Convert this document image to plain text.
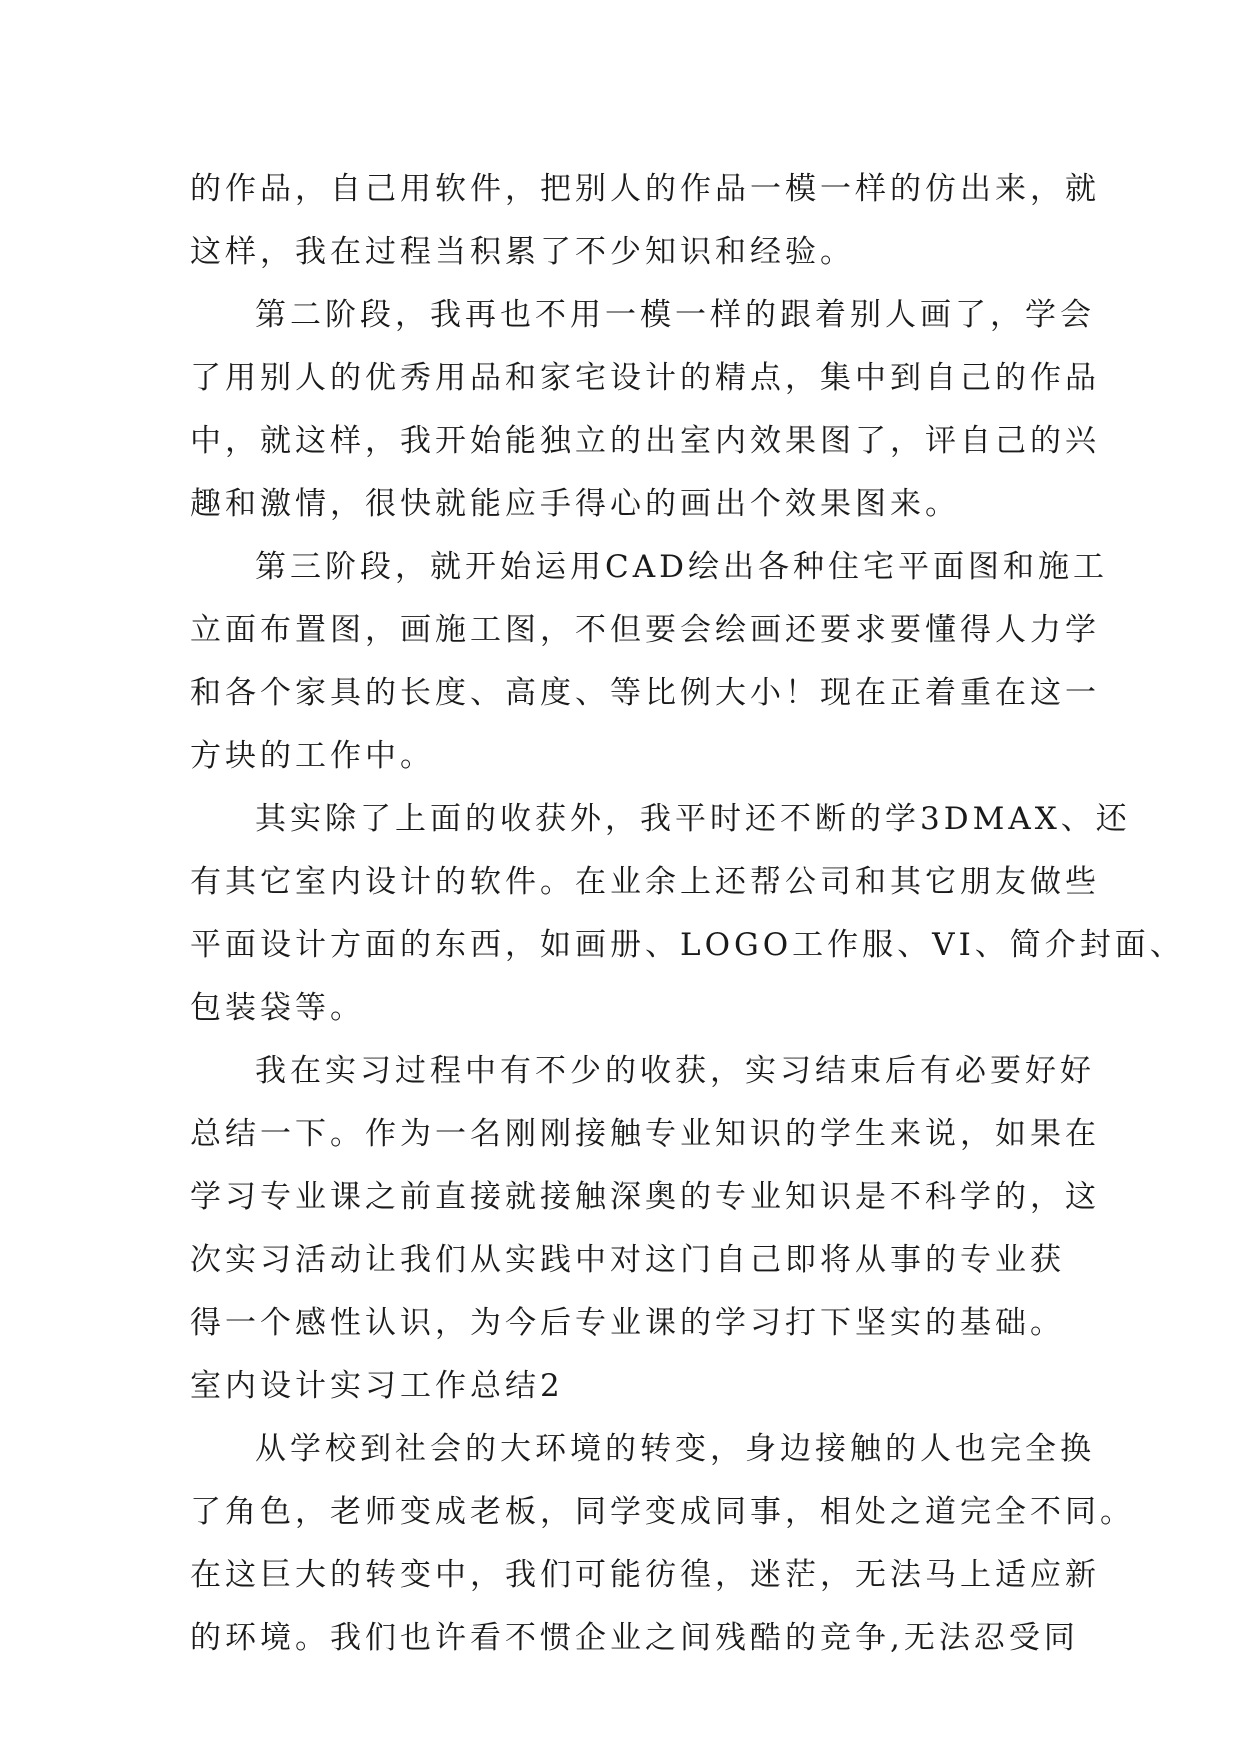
的作品，自己用软件，把别人的作品一模一样的仿出来，就
这样，我在过程当积累了不少知识和经验。
第二阶段，我再也不用一模一样的跟着别人画了，学会
了用别人的优秀用品和家宅设计的精点，集中到自己的作品
中，就这样，我开始能独立的出室内效果图了，评自己的兴
趣和激情，很快就能应手得心的画出个效果图来。
第三阶段，就开始运用CAD绘出各种住宅平面图和施工
立面布置图，画施工图，不但要会绘画还要求要懂得人力学
和各个家具的长度、高度、等比例大小！现在正着重在这一
方块的工作中。
其实除了上面的收获外，我平时还不断的学3DMAX、还
有其它室内设计的软件。在业余上还帮公司和其它朋友做些
平面设计方面的东西，如画册、LOGO工作服、VI、简介封面、
包装袋等。
我在实习过程中有不少的收获，实习结束后有必要好好
总结一下。作为一名刚刚接触专业知识的学生来说，如果在
学习专业课之前直接就接触深奥的专业知识是不科学的，这
次实习活动让我们从实践中对这门自己即将从事的专业获
得一个感性认识，为今后专业课的学习打下坚实的基础。
室内设计实习工作总结2
从学校到社会的大环境的转变，身边接触的人也完全换
了角色，老师变成老板，同学变成同事，相处之道完全不同。
在这巨大的转变中，我们可能彷徨，迷茫，无法马上适应新
的环境。我们也许看不惯企业之间残酷的竞争,无法忍受同
